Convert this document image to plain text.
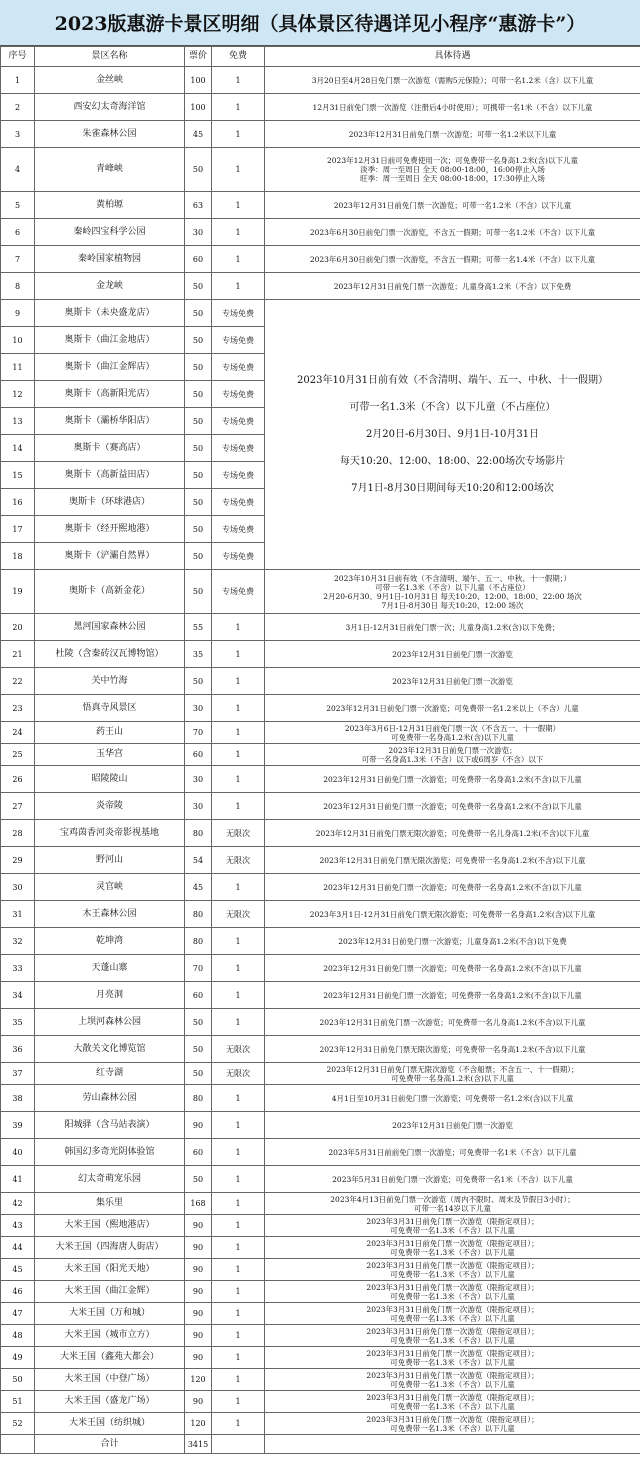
2023版惠游卡景区明细（具体景区待遇详见小程序“惠游卡”）
序号	景区名称	票价	免费	具体待遇
1	金丝峡	100	1	3月20日至4月28日免门票一次游览（需购5元保险）；可带一名1.2米（含）以下儿童
2	西安幻太奇海洋馆	100	1	12月31日前免门票一次游览（注册后4小时使用）；可携带一名1米（不含）以下儿童
3	朱雀森林公园	45	1	2023年12月31日前免门票一次游览；可带一名1.2米以下儿童
4	青峰峡	50	1	2023年12月31日前可免费使用一次；可免费带一名身高1.2米(含)以下儿童
淡季：周一至周日 全天 08:00-18:00，16:00停止入场
旺季：周一至周日 全天 08:00-18:00，17:30停止入场
5	黄柏塬	63	1	2023年12月31日前免门票一次游览；可带一名1.2米（不含）以下儿童
6	秦岭四宝科学公园	30	1	2023年6月30日前免门票一次游览，不含五一假期；可带一名1.2米（不含）以下儿童
7	秦岭国家植物园	60	1	2023年6月30日前免门票一次游览，不含五一假期；可带一名1.4米（不含）以下儿童
8	金龙峡	50	1	2023年12月31日前免门票一次游览；儿童身高1.2米（不含）以下免费
9	奥斯卡（未央盛龙店）	50	专场免费	2023年10月31日前有效（不含清明、端午、五一、中秋、十一假期）
可带一名1.3米（不含）以下儿童（不占座位）
2月20日-6月30日、9月1日-10月31日
每天10:20、12:00、18:00、22:00场次专场影片
7月1日-8月30日期间每天10:20和12:00场次
10	奥斯卡（曲江金地店）	50	专场免费	
11	奥斯卡（曲江金辉店）	50	专场免费	
12	奥斯卡（高新阳光店）	50	专场免费	
13	奥斯卡（灞桥华阳店）	50	专场免费	
14	奥斯卡（赛高店）	50	专场免费	
15	奥斯卡（高新益田店）	50	专场免费	
16	奥斯卡（环球港店）	50	专场免费	
17	奥斯卡（经开熙地港）	50	专场免费	
18	奥斯卡（浐灞自然界）	50	专场免费	
19	奥斯卡（高新金花）	50	专场免费	2023年10月31日前有效（不含清明、端午、五一、中秋、十一假期；）
可带一名1.3米（不含）以下儿童（不占座位）
2月20-6月30、9月1日-10月31日 每天10:20、12:00、18:00、22:00 场次
7月1日-8月30日 每天10:20、12:00 场次
20	黑河国家森林公园	55	1	3月1日-12月31日前免门票一次；儿童身高1.2米(含)以下免费；
21	杜陵（含秦砖汉瓦博物馆）	35	1	2023年12月31日前免门票一次游览
22	关中竹海	50	1	2023年12月31日前免门票一次游览
23	悟真寺风景区	30	1	2023年12月31日前免门票一次游览；可免费带一名1.2米以上（不含）儿童
24	药王山	70	1	2023年3月6日-12月31日前免门票一次（不含五一、十一假期）
可免费带一名身高1.2米(含)以下儿童
25	玉华宫	60	1	2023年12月31日前免门票一次游览；
可带一名身高1.3米（不含）以下或6周岁（不含）以下
26	昭陵陵山	30	1	2023年12月31日前免门票一次游览；可免费带一名身高1.2米(不含)以下儿童
27	炎帝陵	30	1	2023年12月31日前免门票一次游览；可免费带一名身高1.2米(不含)以下儿童
28	宝鸡茵香河炎帝影视基地	80	无限次	2023年12月31日前免门票无限次游览；可免费带一名儿身高1.2米(不含)以下儿童
29	野河山	54	无限次	2023年12月31日前免门票无限次游览；可免费带一名身高1.2米(不含)以下儿童
30	灵官峡	45	1	2023年12月31日前免门票一次游览；可免费带一名身高1.2米(不含)以下儿童
31	木王森林公园	80	无限次	2023年3月1日-12月31日前免门票无限次游览；可免费带一名身高1.2米(含)以下儿童
32	乾坤湾	80	1	2023年12月31日前免门票一次游览；儿童身高1.2米(不含)以下免费
33	天蓬山寨	70	1	2023年12月31日前免门票一次游览；可免费带一名身高1.2米(不含)以下儿童
34	月亮洞	60	1	2023年12月31日前免门票一次游览；可免费带一名身高1.2米(不含)以下儿童
35	上坝河森林公园	50	1	2023年12月31日前免门票一次游览；可免费带一名儿身高1.2米(不含)以下儿童
36	大散关文化博览馆	50	无限次	2023年12月31日前免门票无限次游览；可免费带一名身高1.2米(不含)以下儿童
37	红寺湖	50	无限次	2023年12月31日前免门票无限次游览（不含船票；不含五一、十一假期）；
可免费带一名身高1.2米(含)以下儿童
38	劳山森林公园	80	1	4月1日至10月31日前免门票一次游览；可免费带一名1.2米(含)以下儿童
39	阳城驿（含马站表演）	90	1	2023年12月31日前免门票一次游览
40	韩国幻多奇光阴体验馆	60	1	2023年5月31日前前免门票一次游览；可免费带一名1米（不含）以下儿童
41	幻太奇萌宠乐园	50	1	2023年5月31日前免门票一次游览；可免费带一名1米（不含）以下儿童
42	集乐里	168	1	2023年4月13日前免门票一次游览（周内不限时、周末及节假日3小时）；
可带一名14岁以下儿童
43	大米王国（熙地港店）	90	1	2023年3月31日前免门票一次游览（限指定项目）；
可免费带一名1.3米（不含）以下儿童
44	大米王国（四海唐人街店）	90	1	2023年3月31日前免门票一次游览（限指定项目）；
可免费带一名1.3米（不含）以下儿童
45	大米王国（阳光天地）	90	1	2023年3月31日前免门票一次游览（限指定项目）；
可免费带一名1.3米（不含）以下儿童
46	大米王国（曲江金辉）	90	1	2023年3月31日前免门票一次游览（限指定项目）；
可免费带一名1.3米（不含）以下儿童
47	大米王国（万和城）	90	1	2023年3月31日前免门票一次游览（限指定项目）；
可免费带一名1.3米（不含）以下儿童
48	大米王国（城市立方）	90	1	2023年3月31日前免门票一次游览（限指定项目）；
可免费带一名1.3米（不含）以下儿童
49	大米王国（鑫苑大都会）	90	1	2023年3月31日前免门票一次游览（限指定项目）；
可免费带一名1.3米（不含）以下儿童
50	大米王国（中登广场）	120	1	2023年3月31日前免门票一次游览（限指定项目）；
可免费带一名1.3米（不含）以下儿童
51	大米王国（盛龙广场）	90	1	2023年3月31日前免门票一次游览（限指定项目）；
可免费带一名1.3米（不含）以下儿童
52	大米王国（纺织城）	120	1	2023年3月31日前免门票一次游览（限指定项目）；
可免费带一名1.3米（不含）以下儿童
	合计	3415		
